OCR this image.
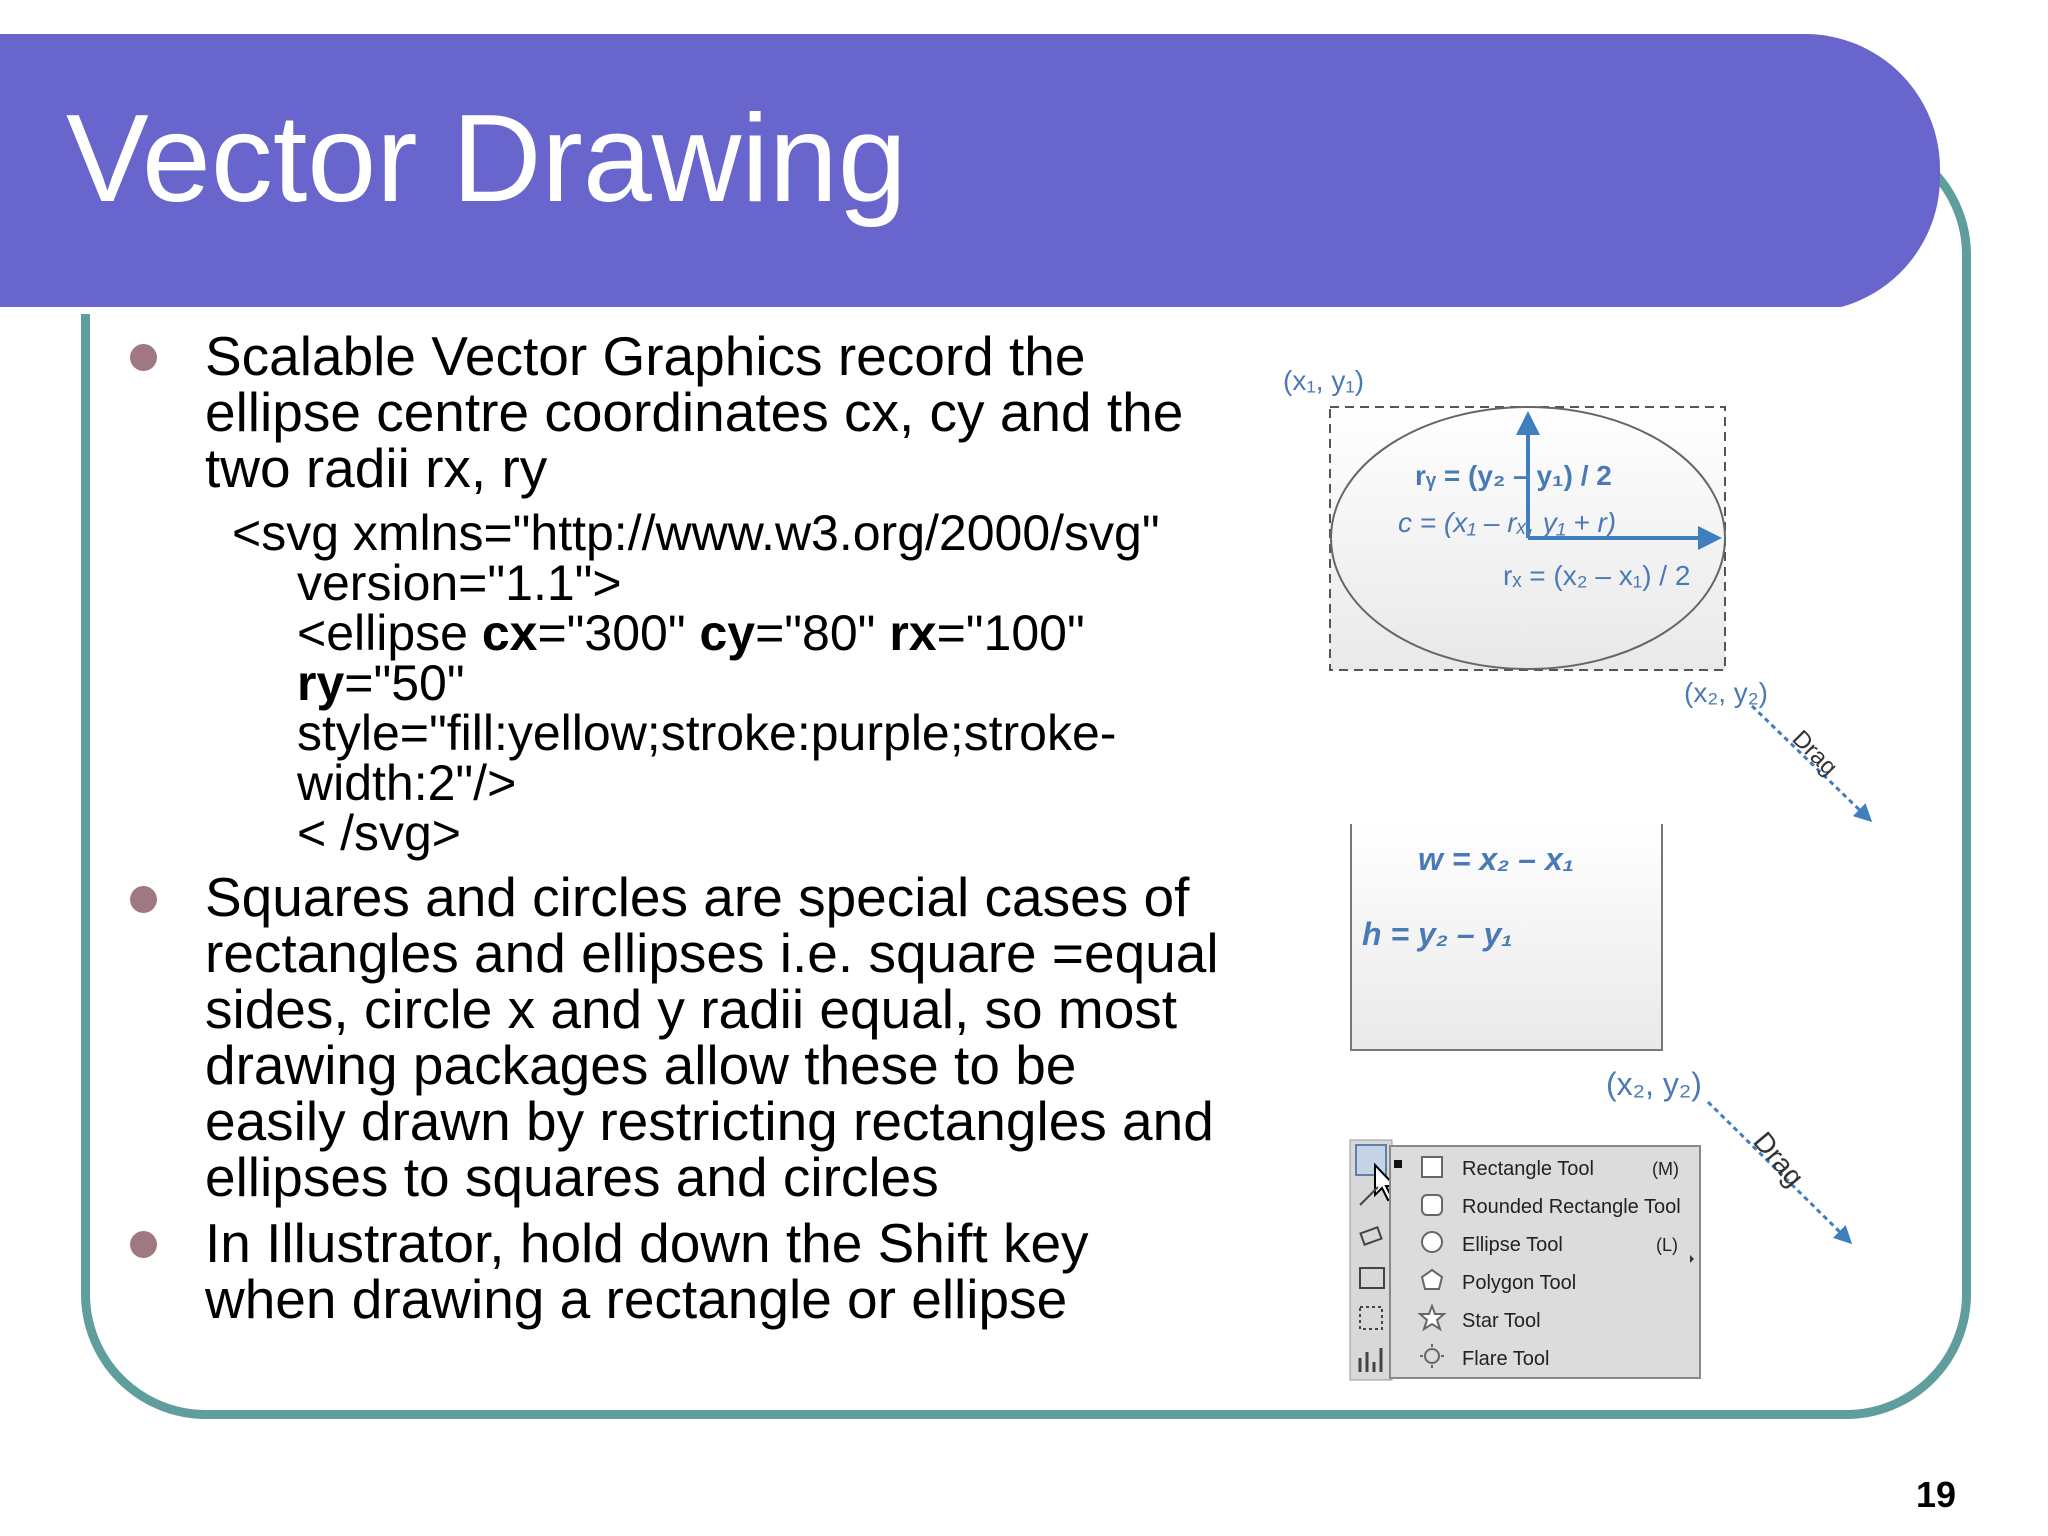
Vector Drawing

Scalable Vector Graphics record the
ellipse centre coordinates cx, cy and the
two radii rx, ry

<svg xmlns="http://www.w3.org/2000/svg"
version="1.1">
<ellipse cx="300" cy="80" rx="100"
ry="50"
style="fill:yellow;stroke:purple;stroke-
width:2"/>
< /svg>

Squares and circles are special cases of
rectangles and ellipses i.e. square =equal
sides, circle x and y radii equal, so most
drawing packages allow these to be
easily drawn by restricting rectangles and
ellipses to squares and circles

In Illustrator, hold down the Shift key
when drawing a rectangle or ellipse

(x₁, y₁)
rᵧ = (y₂ – y₁) / 2
c = (x₁ – rₓ, y₁ + r)
rₓ = (x₂ – x₁) / 2
(x₂, y₂)
Drag
w = x₂ – x₁
h = y₂ – y₁
(x₂, y₂)
Drag
Rectangle Tool	(M)
Rounded Rectangle Tool
Ellipse Tool	(L)
Polygon Tool
Star Tool
Flare Tool
19
